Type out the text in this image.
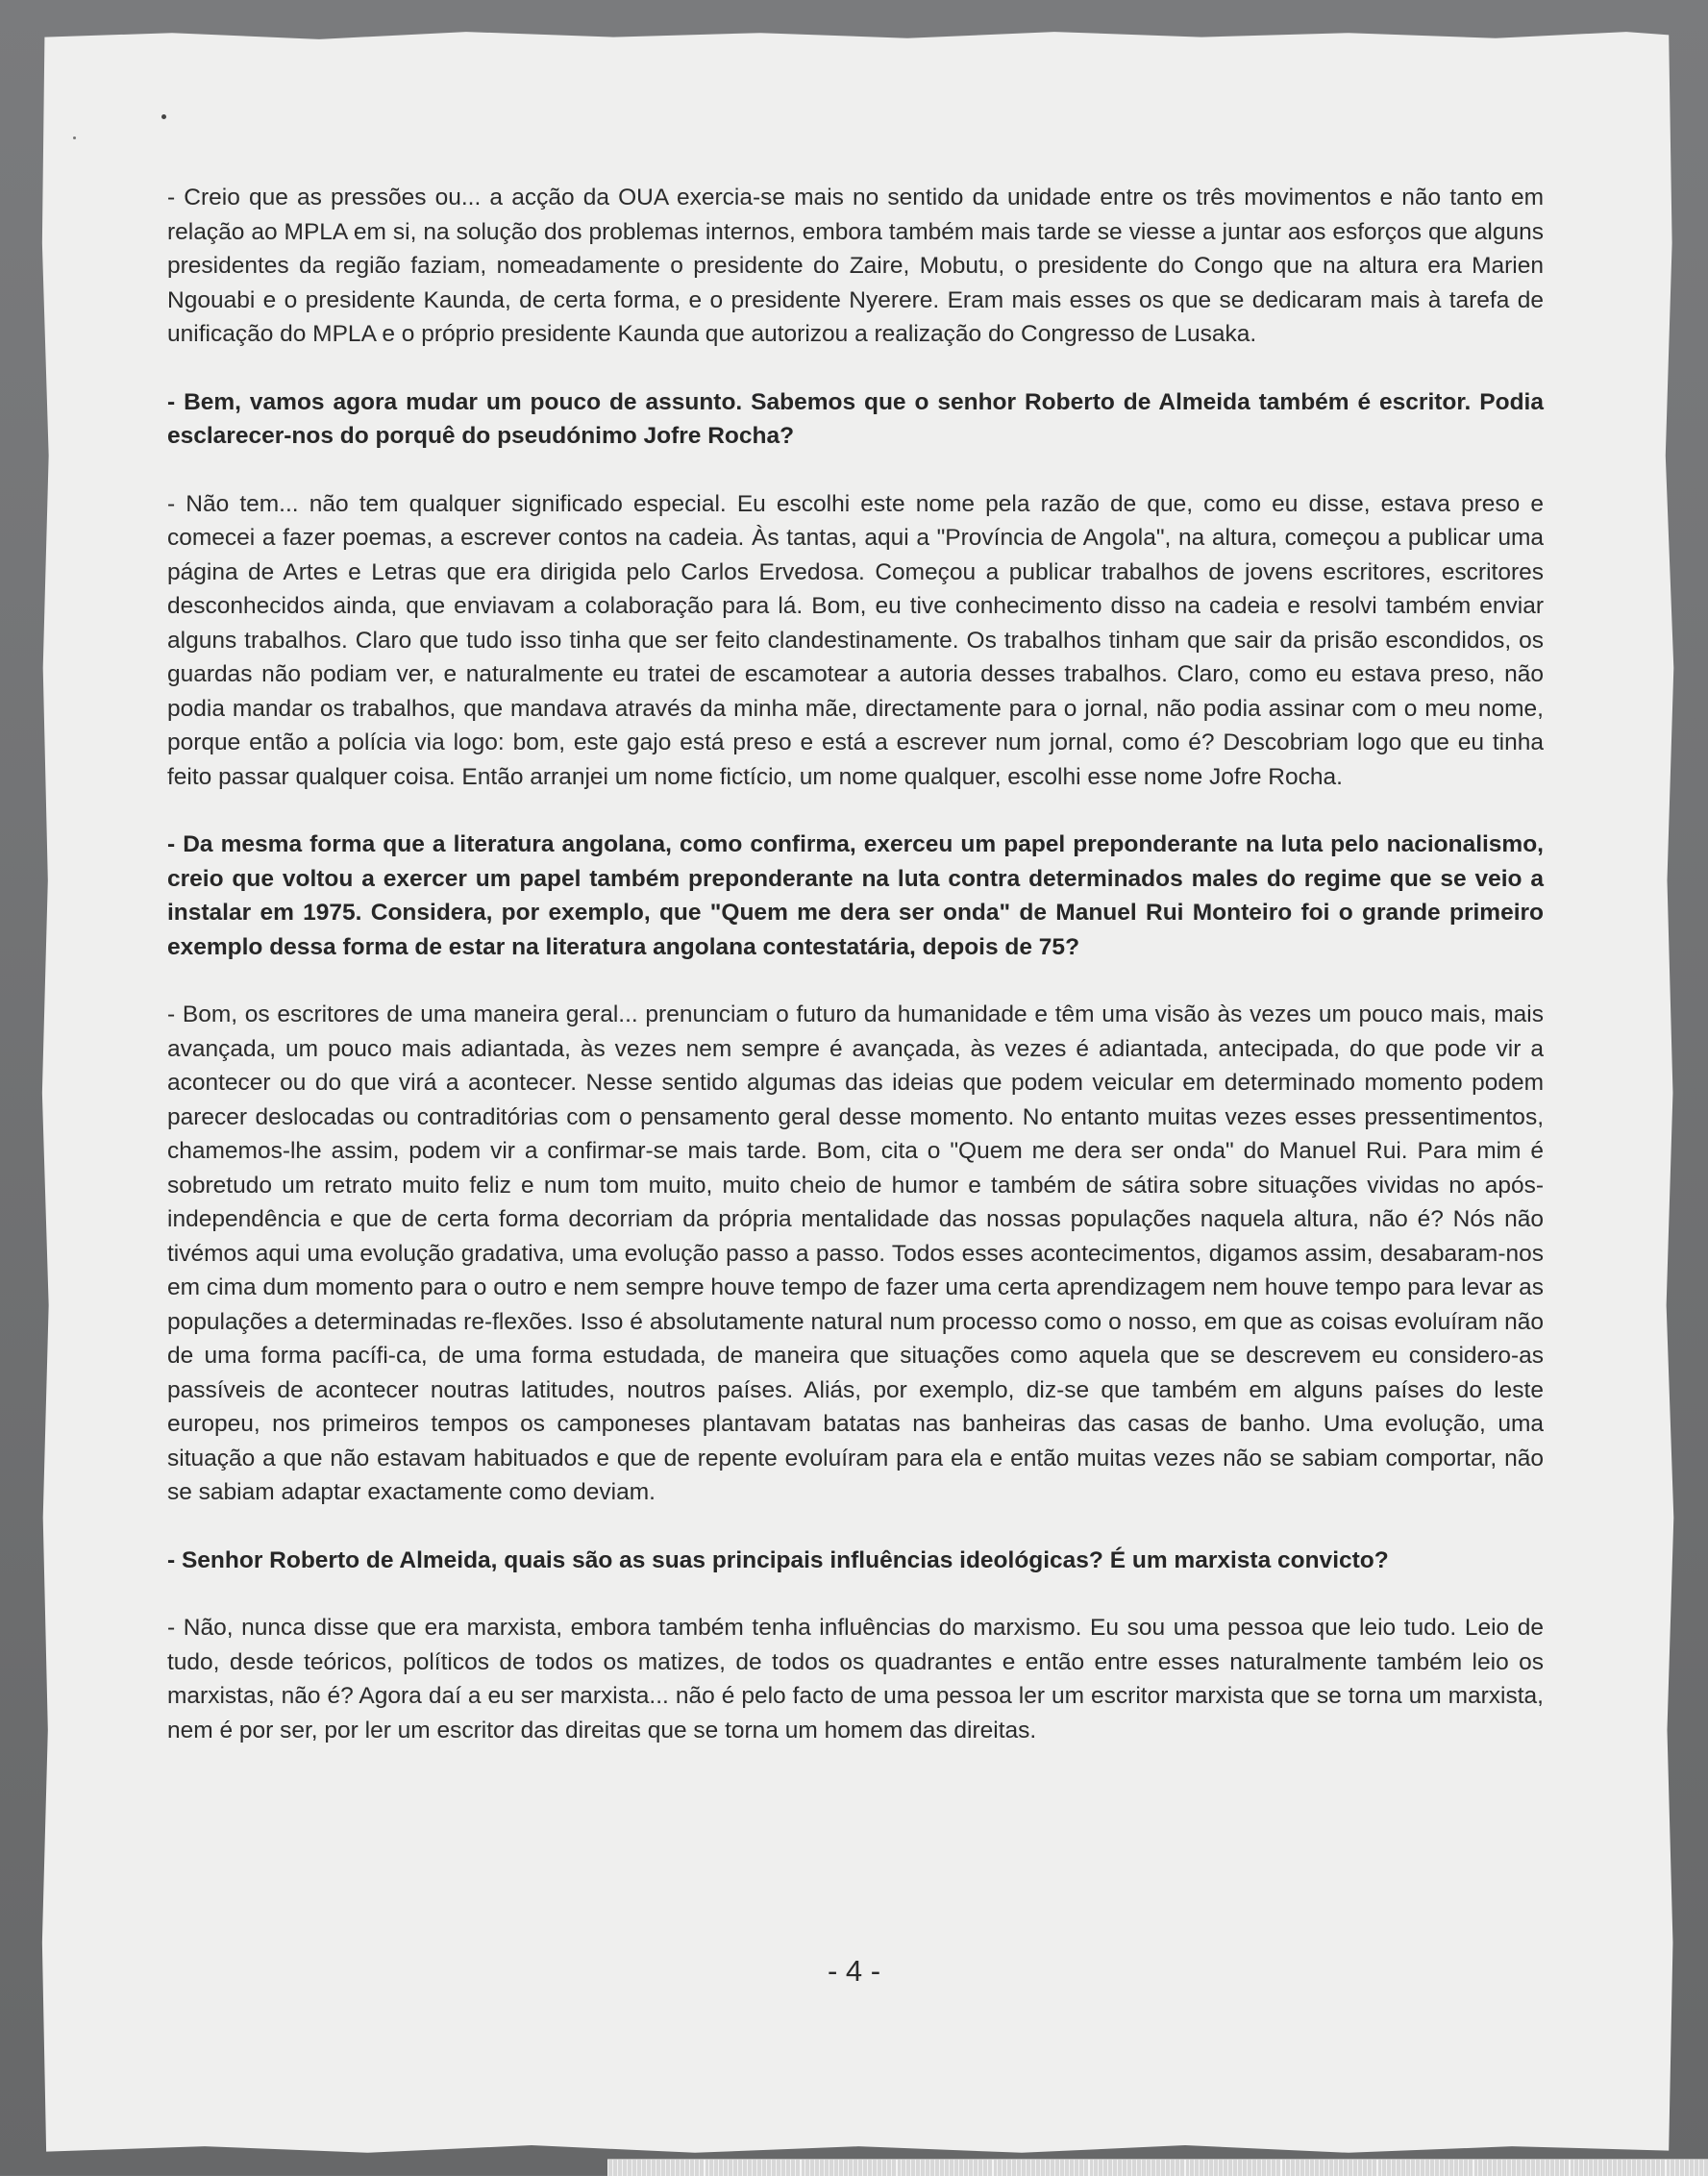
- Creio que as pressões ou... a acção da OUA exercia-se mais no sentido da unidade entre os três movimentos e não tanto em relação ao MPLA em si, na solução dos problemas internos, embora também mais tarde se viesse a juntar aos esforços que alguns presidentes da região faziam, nomeadamente o presidente do Zaire, Mobutu, o presidente do Congo que na altura era Marien Ngouabi e o presidente Kaunda, de certa forma, e o presidente Nyerere. Eram mais esses os que se dedicaram mais à tarefa de unificação do MPLA e o próprio presidente Kaunda que autorizou a realização do Congresso de Lusaka.

- Bem, vamos agora mudar um pouco de assunto. Sabemos que o senhor Roberto de Almeida também é escritor. Podia esclarecer-nos do porquê do pseudónimo Jofre Rocha?

- Não tem... não tem qualquer significado especial. Eu escolhi este nome pela razão de que, como eu disse, estava preso e comecei a fazer poemas, a escrever contos na cadeia. Às tantas, aqui a "Província de Angola", na altura, começou a publicar uma página de Artes e Letras que era dirigida pelo Carlos Ervedosa. Começou a publicar trabalhos de jovens escritores, escritores desconhecidos ainda, que enviavam a colaboração para lá. Bom, eu tive conhecimento disso na cadeia e resolvi também enviar alguns trabalhos. Claro que tudo isso tinha que ser feito clandestinamente. Os trabalhos tinham que sair da prisão escondidos, os guardas não podiam ver, e naturalmente eu tratei de escamotear a autoria desses trabalhos. Claro, como eu estava preso, não podia mandar os trabalhos, que mandava através da minha mãe, directamente para o jornal, não podia assinar com o meu nome, porque então a polícia via logo: bom, este gajo está preso e está a escrever num jornal, como é? Descobriam logo que eu tinha feito passar qualquer coisa. Então arranjei um nome fictício, um nome qualquer, escolhi esse nome Jofre Rocha.

- Da mesma forma que a literatura angolana, como confirma, exerceu um papel preponderante na luta pelo nacionalismo, creio que voltou a exercer um papel também preponderante na luta contra determinados males do regime que se veio a instalar em 1975. Considera, por exemplo, que "Quem me dera ser onda" de Manuel Rui Monteiro foi o grande primeiro exemplo dessa forma de estar na literatura angolana contestatária, depois de 75?

- Bom, os escritores de uma maneira geral... prenunciam o futuro da humanidade e têm uma visão às vezes um pouco mais, mais avançada, um pouco mais adiantada, às vezes nem sempre é avançada, às vezes é adiantada, antecipada, do que pode vir a acontecer ou do que virá a acontecer. Nesse sentido algumas das ideias que podem veicular em determinado momento podem parecer deslocadas ou contraditórias com o pensamento geral desse momento. No entanto muitas vezes esses pressentimentos, chamemos-lhe assim, podem vir a confirmar-se mais tarde. Bom, cita o "Quem me dera ser onda" do Manuel Rui. Para mim é sobretudo um retrato muito feliz e num tom muito, muito cheio de humor e também de sátira sobre situações vividas no após-independência e que de certa forma decorriam da própria mentalidade das nossas populações naquela altura, não é? Nós não tivémos aqui uma evolução gradativa, uma evolução passo a passo. Todos esses acontecimentos, digamos assim, desabaram-nos em cima dum momento para o outro e nem sempre houve tempo de fazer uma certa aprendizagem nem houve tempo para levar as populações a determinadas re-flexões. Isso é absolutamente natural num processo como o nosso, em que as coisas evoluíram não de uma forma pacífi-ca, de uma forma estudada, de maneira que situações como aquela que se descrevem eu considero-as passíveis de acontecer noutras latitudes, noutros países. Aliás, por exemplo, diz-se que também em alguns países do leste europeu, nos primeiros tempos os camponeses plantavam batatas nas banheiras das casas de banho. Uma evolução, uma situação a que não estavam habituados e que de repente evoluíram para ela e então muitas vezes não se sabiam comportar, não se sabiam adaptar exactamente como deviam.

- Senhor Roberto de Almeida, quais são as suas principais influências ideológicas? É um marxista convicto?

- Não, nunca disse que era marxista, embora também tenha influências do marxismo. Eu sou uma pessoa que leio tudo. Leio de tudo, desde teóricos, políticos de todos os matizes, de todos os quadrantes e então entre esses naturalmente também leio os marxistas, não é? Agora daí a eu ser marxista... não é pelo facto de uma pessoa ler um escritor marxista que se torna um marxista, nem é por ser, por ler um escritor das direitas que se torna um homem das direitas.

- 4 -
